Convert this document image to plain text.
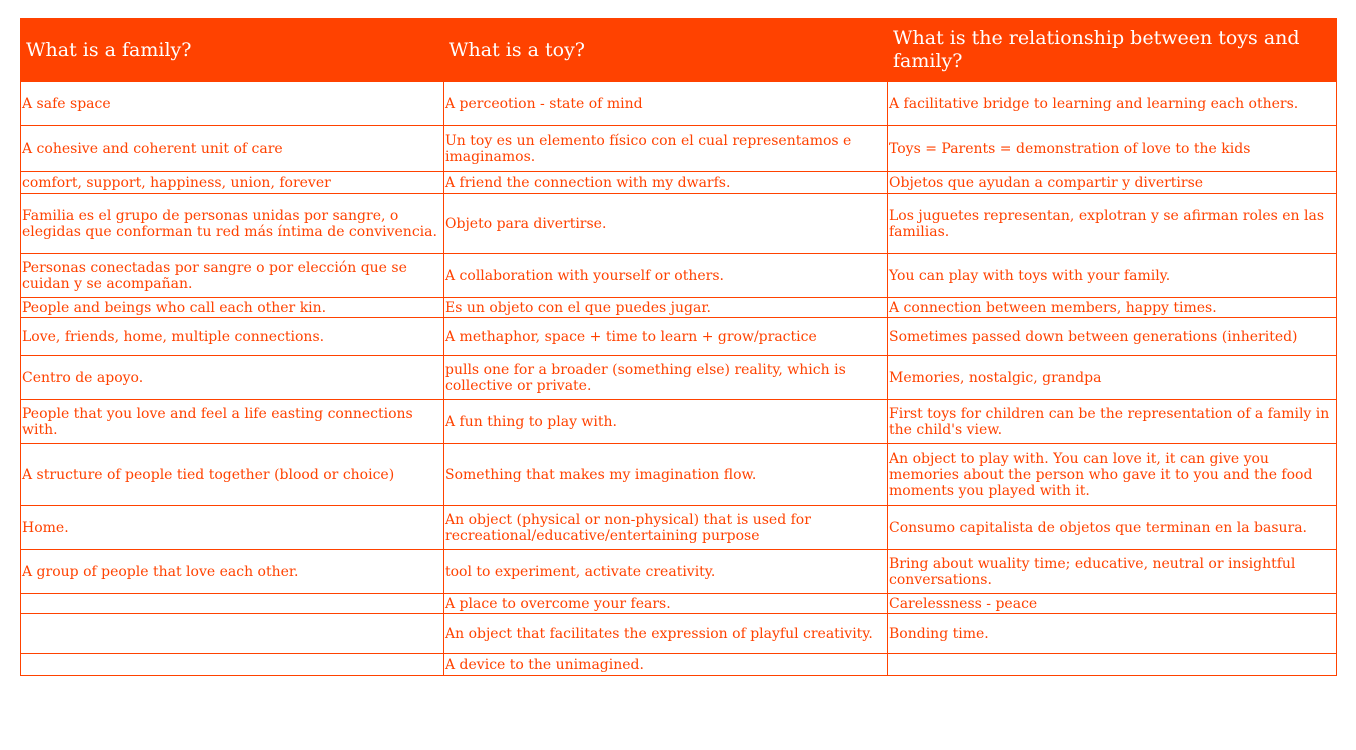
What is a family?	What is a toy?	What is the relationship between toys and family?
A safe space	A perceotion - state of mind	A facilitative bridge to learning and learning each others.
A cohesive and coherent unit of care	Un toy es un elemento físico con el cual representamos e imaginamos.	Toys = Parents = demonstration of love to the kids
comfort, support, happiness, union, forever	A friend the connection with my dwarfs.	Objetos que ayudan a compartir y divertirse
Familia es el grupo de personas unidas por sangre, o elegidas que conforman tu red más íntima de convivencia.	Objeto para divertirse.	Los juguetes representan, explotran y se afirman roles en las familias.
Personas conectadas por sangre o por elección que se cuidan y se acompañan.	A collaboration with yourself or others.	You can play with toys with your family.
People and beings who call each other kin.	Es un objeto con el que puedes jugar.	A connection between members, happy times.
Love, friends, home, multiple connections.	A methaphor, space + time to learn + grow/practice	Sometimes passed down between generations (inherited)
Centro de apoyo.	pulls one for a broader (something else) reality, which is collective or private.	Memories, nostalgic, grandpa
People that you love and feel a life easting connections with.	A fun thing to play with.	First toys for children can be the representation of a family in the child's view.
A structure of people tied together (blood or choice)	Something that makes my imagination flow.	An object to play with. You can love it, it can give you memories about the person who gave it to you and the food moments you played with it.
Home.	An object (physical or non-physical) that is used for recreational/educative/entertaining purpose	Consumo capitalista de objetos que terminan en la basura.
A group of people that love each other.	tool to experiment, activate creativity.	Bring about wuality time; educative, neutral or insightful conversations.
	A place to overcome your fears.	Carelessness - peace
	An object that facilitates the expression of playful creativity.	Bonding time.
	A device to the unimagined.	
